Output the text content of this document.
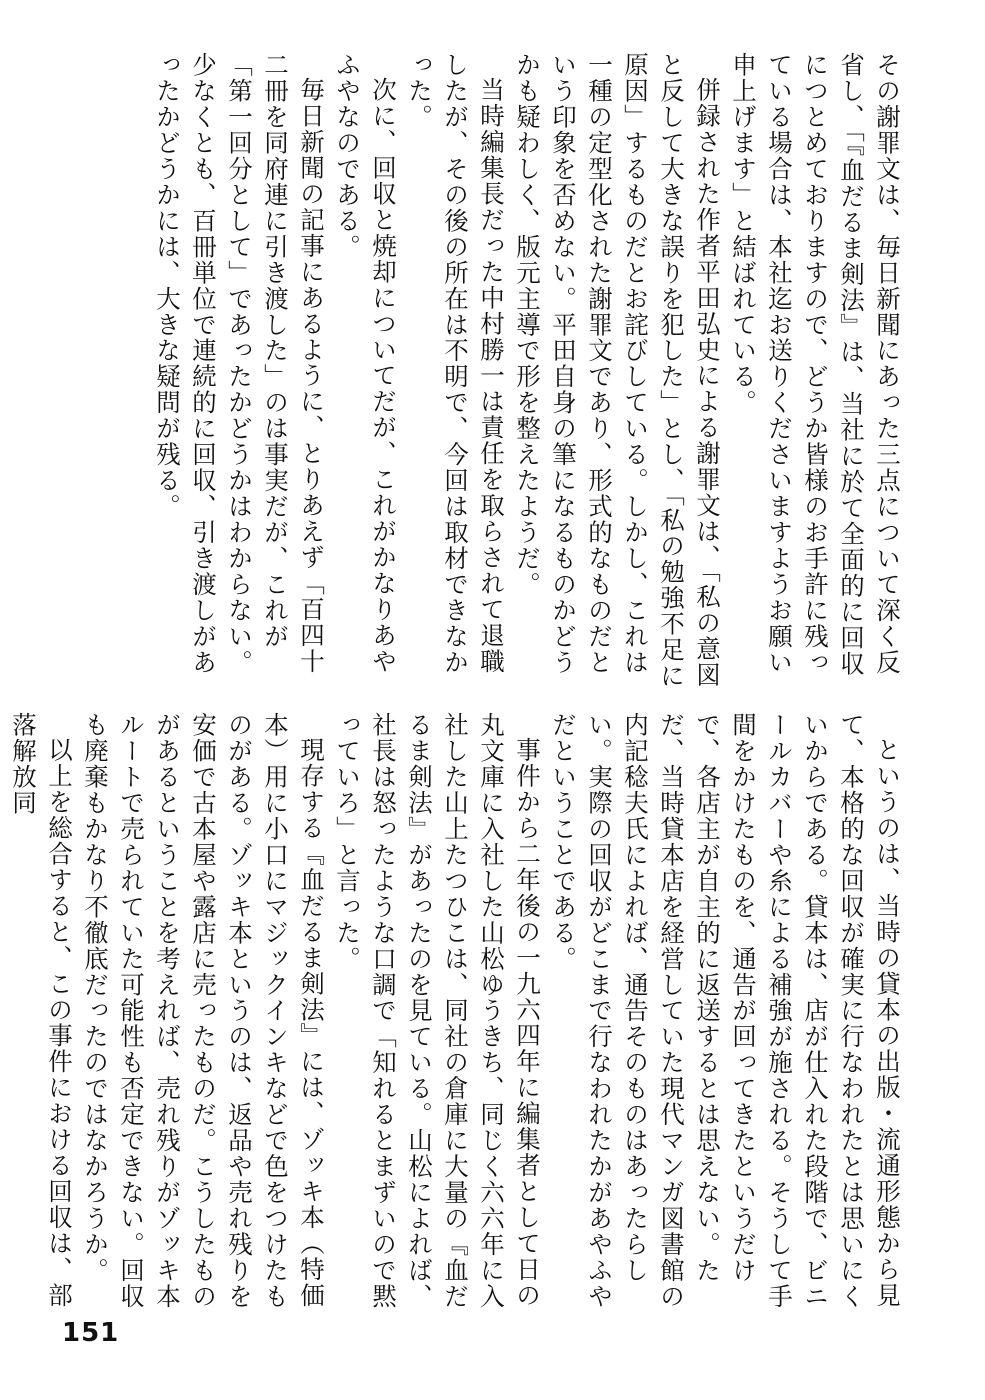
その謝罪文は、毎日新聞にあった三点について深く反省し、「『血だるま剣法』は、当社に於て全面的に回収につとめておりますので、どうか皆様のお手許に残っている場合は、本社迄お送りくださいますようお願い申上げます」と結ばれている。

併録された作者平田弘史による謝罪文は、「私の意図と反して大きな誤りを犯した」とし、「私の勉強不足に原因」するものだとお詫びしている。しかし、これは一種の定型化された謝罪文であり、形式的なものだという印象を否めない。平田自身の筆になるものかどうかも疑わしく、版元主導で形を整えたようだ。

当時編集長だった中村勝一は責任を取らされて退職したが、その後の所在は不明で、今回は取材できなかった。

次に、回収と焼却についてだが、これがかなりあやふやなのである。

毎日新聞の記事にあるように、とりあえず「百四十二冊を同府連に引き渡した」のは事実だが、これが「第一回分として」であったかどうかはわからない。少なくとも、百冊単位で連続的に回収、引き渡しがあったかどうかには、大きな疑問が残る。

というのは、当時の貸本の出版・流通形態から見て、本格的な回収が確実に行なわれたとは思いにくいからである。貸本は、店が仕入れた段階で、ビニールカバーや糸による補強が施される。そうして手間をかけたものを、通告が回ってきたというだけで、各店主が自主的に返送するとは思えない。ただ、当時貸本店を経営していた現代マンガ図書館の内記稔夫氏によれば、通告そのものはあったらしい。実際の回収がどこまで行なわれたかがあやふやだということである。

事件から二年後の一九六四年に編集者として日の丸文庫に入社した山松ゆうきち、同じく六六年に入社した山上たつひこは、同社の倉庫に大量の『血だるま剣法』があったのを見ている。山松によれば、社長は怒ったような口調で「知れるとまずいので黙っていろ」と言った。

現存する『血だるま剣法』には、ゾッキ本（特価本）用に小口にマジックインキなどで色をつけたものがある。ゾッキ本というのは、返品や売れ残りを安価で古本屋や露店に売ったものだ。こうしたものがあるということを考えれば、売れ残りがゾッキ本ルートで売られていた可能性も否定できない。回収も廃棄もかなり不徹底だったのではなかろうか。

以上を総合すると、この事件における回収は、部落解放同

151
